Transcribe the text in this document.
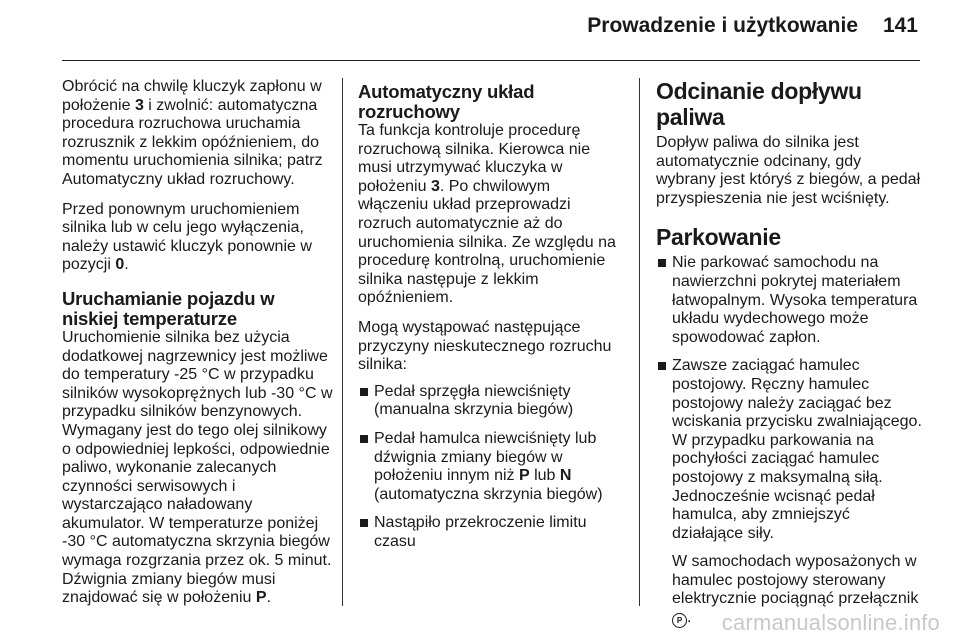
Prowadzenie i użytkowanie 141

Obrócić na chwilę kluczyk zapłonu w położenie 3 i zwolnić: automatyczna procedura rozruchowa uruchamia rozrusznik z lekkim opóźnieniem, do momentu uruchomienia silnika; patrz Automatyczny układ rozruchowy.

Przed ponownym uruchomieniem silnika lub w celu jego wyłączenia, należy ustawić kluczyk ponownie w pozycji 0.

Uruchamianie pojazdu w niskiej temperaturze

Uruchomienie silnika bez użycia dodatkowej nagrzewnicy jest możliwe do temperatury -25 °C w przypadku silników wysokoprężnych lub -30 °C w przypadku silników benzynowych. Wymagany jest do tego olej silnikowy o odpowiedniej lepkości, odpowiednie paliwo, wykonanie zalecanych czynności serwisowych i wystarczająco naładowany akumulator. W temperaturze poniżej -30 °C automatyczna skrzynia biegów wymaga rozgrzania przez ok. 5 minut. Dźwignia zmiany biegów musi znajdować się w położeniu P.

Automatyczny układ rozruchowy

Ta funkcja kontroluje procedurę rozruchową silnika. Kierowca nie musi utrzymywać kluczyka w położeniu 3. Po chwilowym włączeniu układ przeprowadzi rozruch automatycznie aż do uruchomienia silnika. Ze względu na procedurę kontrolną, uruchomienie silnika następuje z lekkim opóźnieniem.

Mogą wystąpować następujące przyczyny nieskutecznego rozruchu silnika:

Pedał sprzęgła niewciśnięty (manualna skrzynia biegów)
Pedał hamulca niewciśnięty lub dźwignia zmiany biegów w położeniu innym niż P lub N (automatyczna skrzynia biegów)
Nastąpiło przekroczenie limitu czasu
Odcinanie dopływu paliwa

Dopływ paliwa do silnika jest automatycznie odcinany, gdy wybrany jest któryś z biegów, a pedał przyspieszenia nie jest wciśnięty.

Parkowanie
Nie parkować samochodu na nawierzchni pokrytej materiałem łatwopalnym. Wysoka temperatura układu wydechowego może spowodować zapłon.
Zawsze zaciągać hamulec postojowy. Ręczny hamulec postojowy należy zaciągać bez wciskania przycisku zwalniającego. W przypadku parkowania na pochyłości zaciągać hamulec postojowy z maksymalną siłą. Jednocześnie wcisnąć pedał hamulca, aby zmniejszyć działające siły.

W samochodach wyposażonych w hamulec postojowy sterowany elektrycznie pociągnąć przełącznik P .	carmanualsonline.info
